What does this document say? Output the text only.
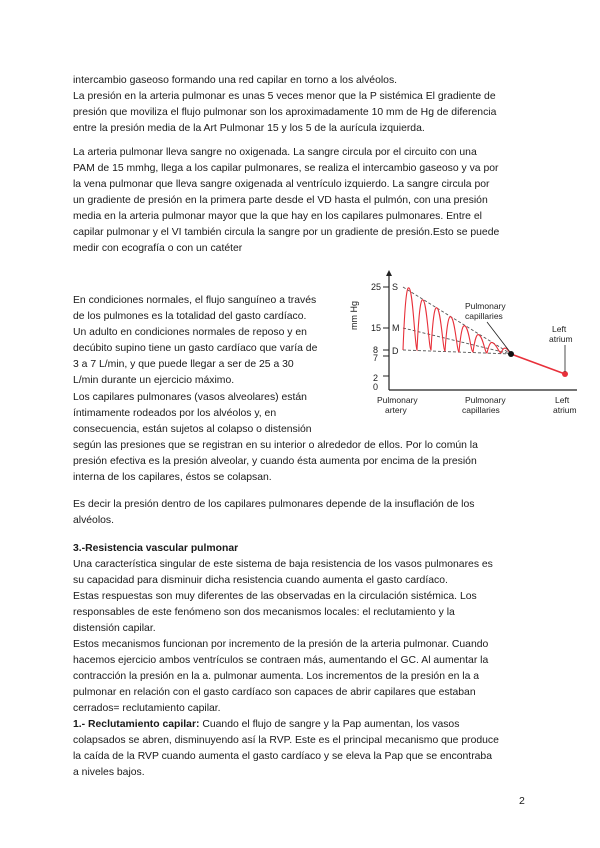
intercambio gaseoso formando una red capilar en torno a los alvéolos.
La presión en la arteria pulmonar es unas 5 veces menor que la P sistémica El gradiente de
presión que moviliza el flujo pulmonar son los aproximadamente 10 mm de Hg de diferencia
entre la presión media de la Art Pulmonar 15 y los 5 de la aurícula izquierda.

La arteria pulmonar lleva sangre no oxigenada. La sangre circula por el circuito con una
PAM de 15 mmhg, llega a los capilar pulmonares, se realiza el intercambio gaseoso y va por
la vena pulmonar que lleva sangre oxigenada al ventrículo izquierdo. La sangre circula por
un gradiente de presión en la primera parte desde el VD hasta el pulmón, con una presión
media en la arteria pulmonar mayor que la que hay en los capilares pulmonares. Entre el
capilar pulmonar y el VI también circula la sangre por un gradiente de presión.Esto se puede
medir con ecografía o con un catéter

En condiciones normales, el flujo sanguíneo a través
de los pulmones es la totalidad del gasto cardíaco.
Un adulto en condiciones normales de reposo y en
decúbito supino tiene un gasto cardíaco que varía de
3 a 7 L/min, y que puede llegar a ser de 25 a 30
L/min durante un ejercicio máximo.

Los capilares pulmonares (vasos alveolares) están
íntimamente rodeados por los alvéolos y, en
consecuencia, están sujetos al colapso o distensión
según las presiones que se registran en su interior o alrededor de ellos. Por lo común la
presión efectiva es la presión alveolar, y cuando ésta aumenta por encima de la presión
interna de los capilares, éstos se colapsan.

Es decir la presión dentro de los capilares pulmonares depende de la insuflación de los
alvéolos.

3.-Resistencia vascular pulmonar
Una característica singular de este sistema de baja resistencia de los vasos pulmonares es
su capacidad para disminuir dicha resistencia cuando aumenta el gasto cardíaco.
Estas respuestas son muy diferentes de las observadas en la circulación sistémica. Los
responsables de este fenómeno son dos mecanismos locales: el reclutamiento y la
distensión capilar.
Estos mecanismos funcionan por incremento de la presión de la arteria pulmonar. Cuando
hacemos ejercicio ambos ventrículos se contraen más, aumentando el GC. Al aumentar la
contracción la presión en la a. pulmonar aumenta. Los incrementos de la presión en la a
pulmonar en relación con el gasto cardíaco son capaces de abrir capilares que estaban
cerrados= reclutamiento capilar.

1.- Reclutamiento capilar: Cuando el flujo de sangre y la Pap aumentan, los vasos
colapsados se abren, disminuyendo así la RVP. Este es el principal mecanismo que produce
la caída de la RVP cuando aumenta el gasto cardíaco y se eleva la Pap que se encontraba
a niveles bajos.

2
mm Hg
25
15
8
7
2
0
S
M
D
Pulmonary
capillaries
Left
atrium
Pulmonary
artery
Pulmonary
capillaries
Left
atrium
